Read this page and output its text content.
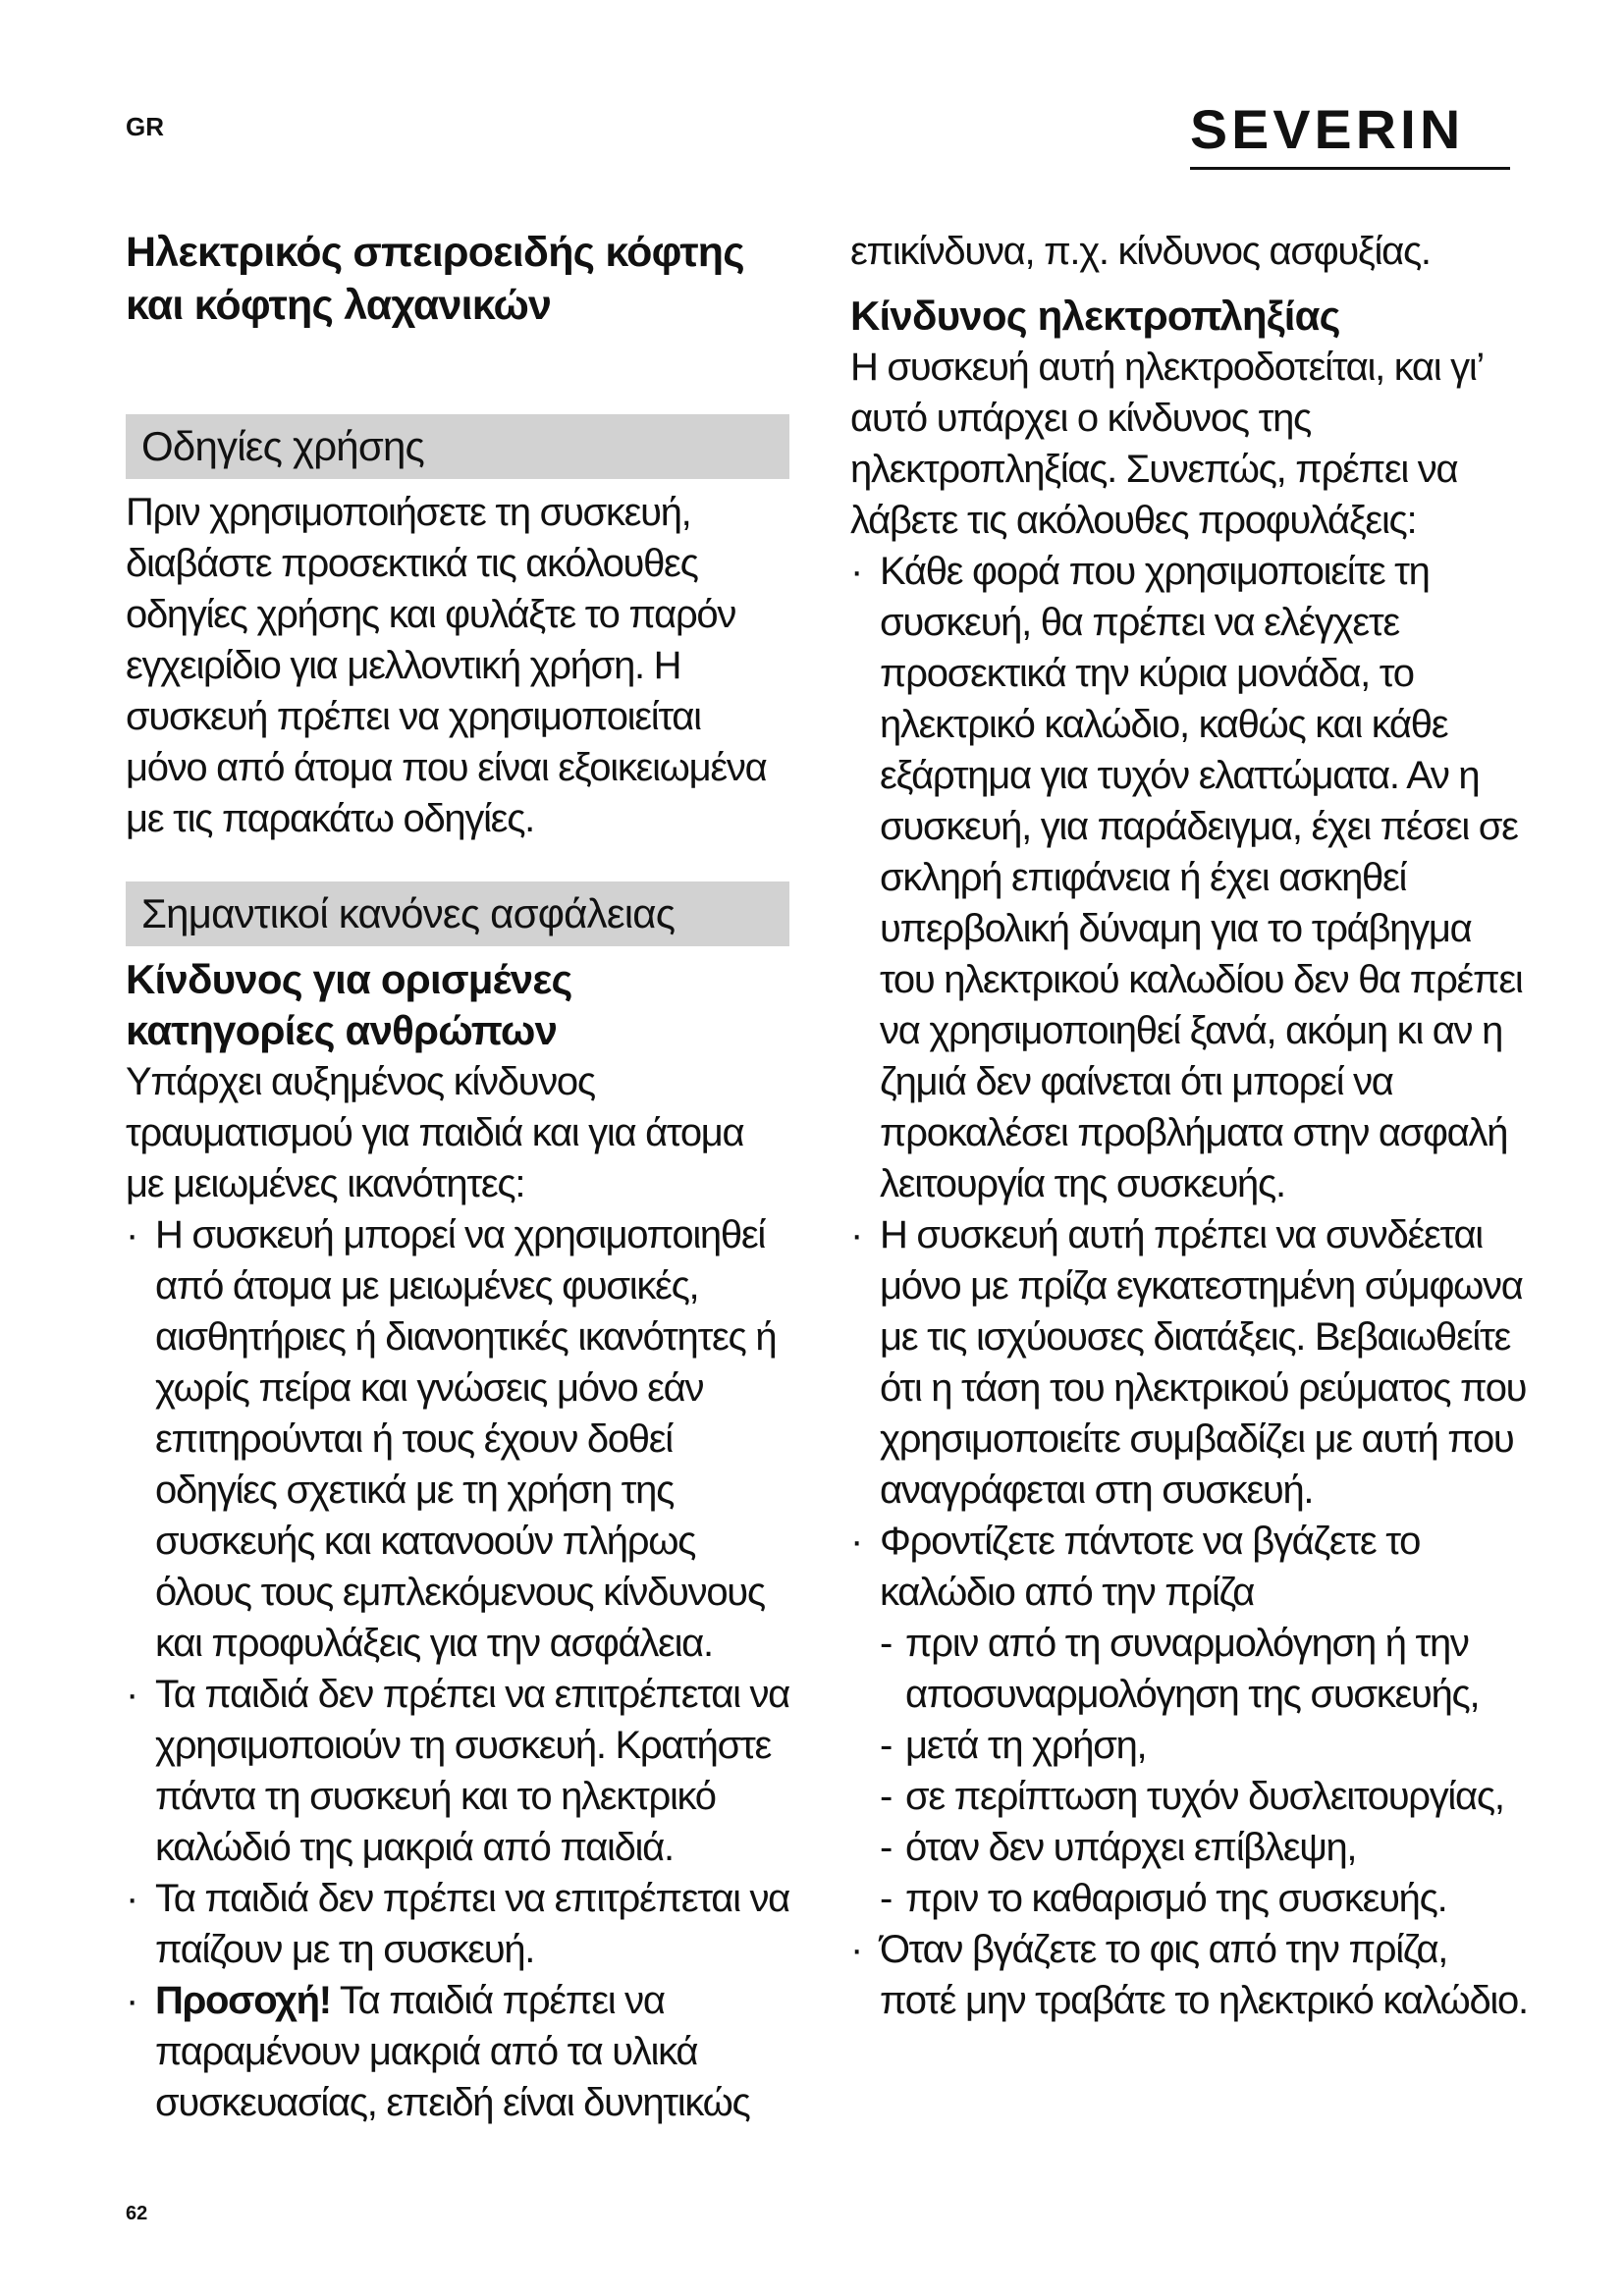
GR	SEVERIN
Ηλεκτρικός σπειροειδής κόφτης
και κόφτης λαχανικών
Οδηγίες χρήσης

Πριν χρησιμοποιήσετε τη συσκευή, διαβάστε προσεκτικά τις ακόλουθες οδηγίες χρήσης και φυλάξτε το παρόν εγχειρίδιο για μελλοντική χρήση. Η συσκευή πρέπει να χρησιμοποιείται μόνο από άτομα που είναι εξοικειωμένα με τις παρακάτω οδηγίες.

Σημαντικοί κανόνες ασφάλειας
Κίνδυνος για ορισμένες κατηγορίες ανθρώπων

Υπάρχει αυξημένος κίνδυνος τραυματισμού για παιδιά και για άτομα με μειωμένες ικανότητες:

· Η συσκευή μπορεί να χρησιμοποιηθεί από άτομα με μειωμένες φυσικές, αισθητήριες ή διανοητικές ικανότητες ή χωρίς πείρα και γνώσεις μόνο εάν επιτηρούνται ή τους έχουν δοθεί οδηγίες σχετικά με τη χρήση της συσκευής και κατανοούν πλήρως όλους τους εμπλεκόμενους κίνδυνους και προφυλάξεις για την ασφάλεια.
· Τα παιδιά δεν πρέπει να επιτρέπεται να χρησιμοποιούν τη συσκευή. Κρατήστε πάντα τη συσκευή και το ηλεκτρικό καλώδιό της μακριά από παιδιά.
· Τα παιδιά δεν πρέπει να επιτρέπεται να παίζουν με τη συσκευή.
· Προσοχή! Τα παιδιά πρέπει να παραμένουν μακριά από τα υλικά συσκευασίας, επειδή είναι δυνητικώς

επικίνδυνα, π.χ. κίνδυνος ασφυξίας.

Κίνδυνος ηλεκτροπληξίας

Η συσκευή αυτή ηλεκτροδοτείται, και γι’ αυτό υπάρχει ο κίνδυνος της ηλεκτροπληξίας. Συνεπώς, πρέπει να λάβετε τις ακόλουθες προφυλάξεις:

· Κάθε φορά που χρησιμοποιείτε τη συσκευή, θα πρέπει να ελέγχετε προσεκτικά την κύρια μονάδα, το ηλεκτρικό καλώδιο, καθώς και κάθε εξάρτημα για τυχόν ελαττώματα. Αν η συσκευή, για παράδειγμα, έχει πέσει σε σκληρή επιφάνεια ή έχει ασκηθεί υπερβολική δύναμη για το τράβηγμα του ηλεκτρικού καλωδίου δεν θα πρέπει να χρησιμοποιηθεί ξανά, ακόμη κι αν η ζημιά δεν φαίνεται ότι μπορεί να προκαλέσει προβλήματα στην ασφαλή λειτουργία της συσκευής.
· Η συσκευή αυτή πρέπει να συνδέεται μόνο με πρίζα εγκατεστημένη σύμφωνα με τις ισχύουσες διατάξεις. Βεβαιωθείτε ότι η τάση του ηλεκτρικού ρεύματος που χρησιμοποιείτε συμβαδίζει με αυτή που αναγράφεται στη συσκευή.
· Φροντίζετε πάντοτε να βγάζετε το καλώδιο από την πρίζα
- πριν από τη συναρμολόγηση ή την αποσυναρμολόγηση της συσκευής,
- μετά τη χρήση,
- σε περίπτωση τυχόν δυσλειτουργίας,
- όταν δεν υπάρχει επίβλεψη,
- πριν το καθαρισμό της συσκευής.
· Όταν βγάζετε το φις από την πρίζα, ποτέ μην τραβάτε το ηλεκτρικό καλώδιο.
62
